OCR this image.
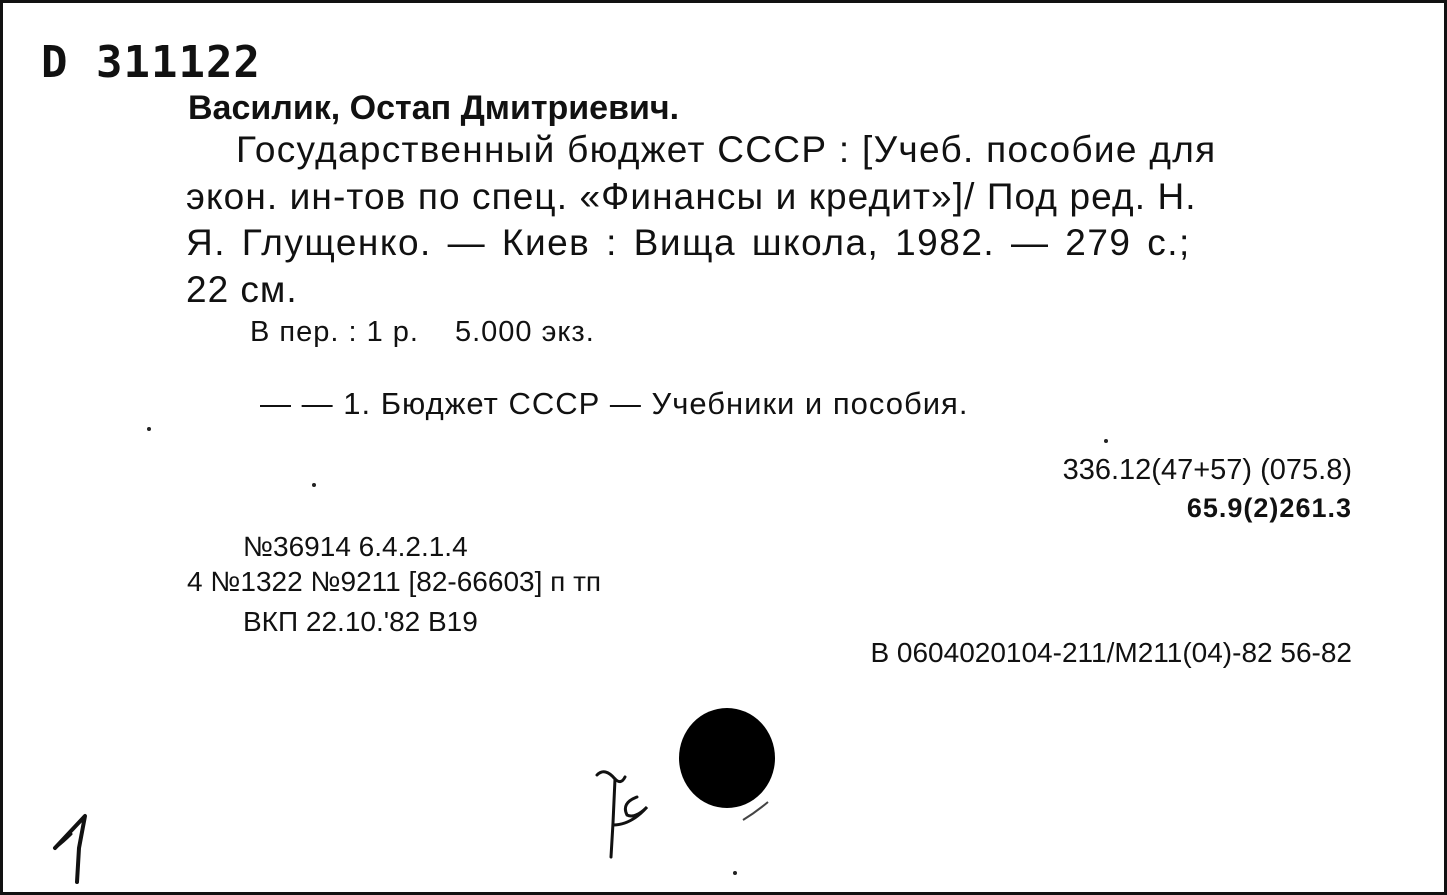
D 311122
Василик, Остап Дмитриевич.
Государственный бюджет СССР : [Учеб. пособие для
экон. ин-тов по спец. «Финансы и кредит»]/ Под ред. Н.
Я. Глущенко. — Киев : Вища школа, 1982. — 279 с.;
22 см.
В пер. : 1 р. 5.000 экз.
— — 1. Бюджет СССР — Учебники и пособия.
336.12(47+57) (075.8)
65.9(2)261.3
№36914 6.4.2.1.4
4 №1322 №9211 [82-66603] п тп
ВКП 22.10.'82 В19
В 0604020104-211/М211(04)-82 56-82
